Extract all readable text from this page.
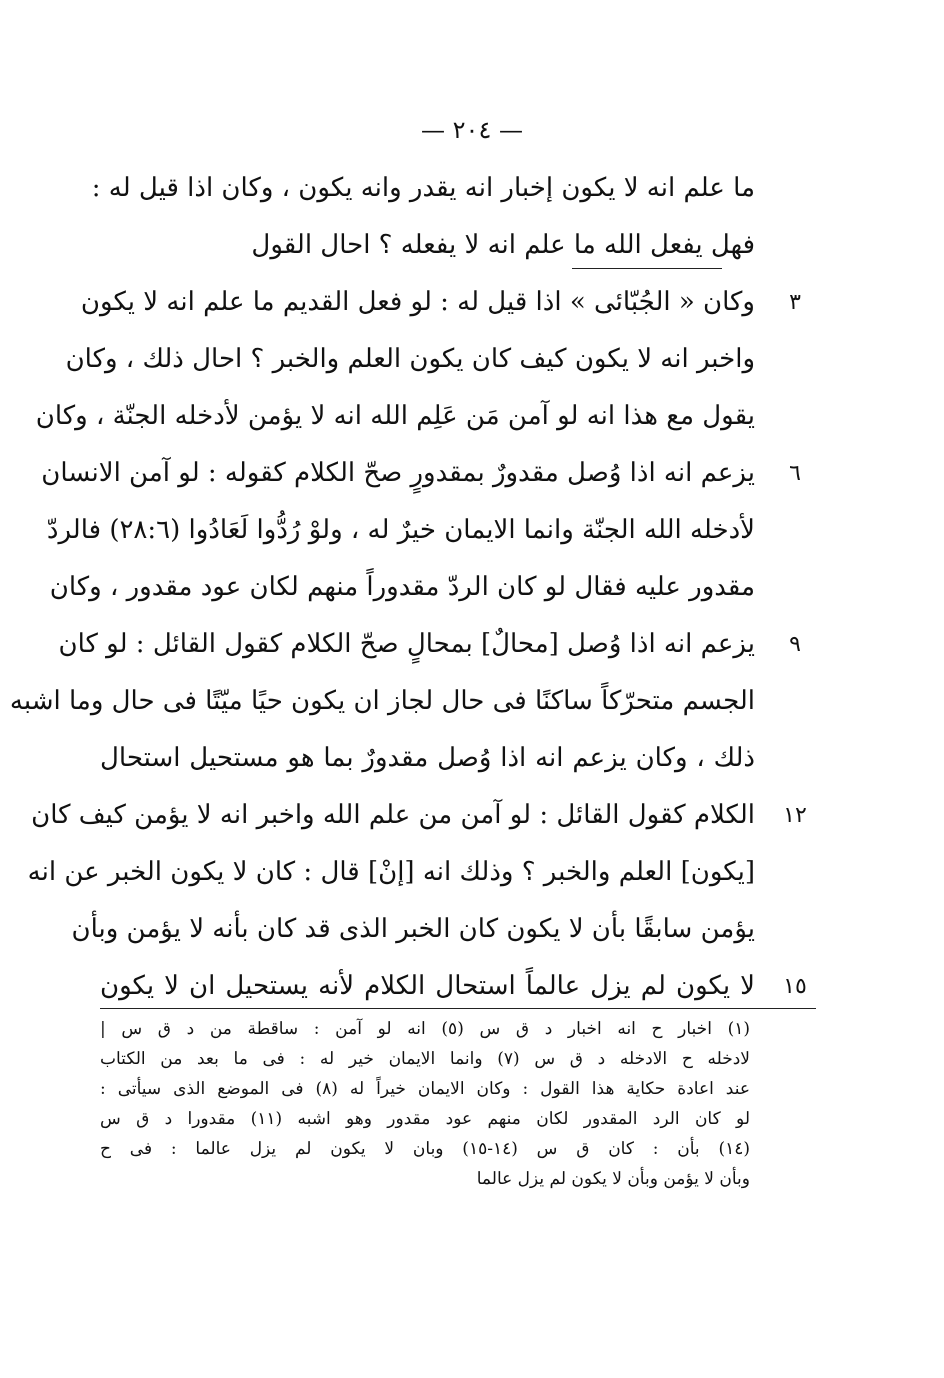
— ٢٠٤ —
ما علم انه لا يكون إخبار انه يقدر وانه يكون ، وكان اذا قيل له :
فهل يفعل الله ما علم انه لا يفعله ؟ احال القول
وكان « الجُبّائى » اذا قيل له : لو فعل القديم ما علم انه لا يكون
واخبر انه لا يكون كيف كان يكون العلم والخبر ؟ احال ذلك ، وكان
يقول مع هذا انه لو آمن مَن عَلِم الله انه لا يؤمن لأدخله الجنّة ، وكان
يزعم انه اذا وُصل مقدورٌ بمقدورٍ صحّ الكلام كقوله : لو آمن الانسان
لأدخله الله الجنّة وانما الايمان خيرٌ له ، ولوْ رُدُّوا لَعَادُوا (٢٨:٦) فالردّ
مقدور عليه فقال لو كان الردّ مقدوراً منهم لكان عود مقدور ، وكان
يزعم انه اذا وُصل [محالٌ] بمحالٍ صحّ الكلام كقول القائل : لو كان
الجسم متحرّكاً ساكنًا فى حال لجاز ان يكون حيًا ميّتًا فى حال وما اشبه
ذلك ، وكان يزعم انه اذا وُصل مقدورٌ بما هو مستحيل استحال
الكلام كقول القائل : لو آمن من علم الله واخبر انه لا يؤمن كيف كان
[يكون] العلم والخبر ؟ وذلك انه [إنْ] قال : كان لا يكون الخبر عن انه
يؤمن سابقًا بأن لا يكون كان الخبر الذى قد كان بأنه لا يؤمن وبأن
لا يكون لم يزل عالماً استحال الكلام لأنه يستحيل ان لا يكون
٣
٦
٩
١٢
١٥
(١) اخبار ح انه اخبار د ق س (٥) انه لو آمن : ساقطة من د ق س |
لادخله ح الادخله د ق س (٧) وانما الايمان خير له : فى ما بعد من الكتاب
عند اعادة حكاية هذا القول : وكان الايمان خيراً له (٨) فى الموضع الذى سيأتى :
لو كان الرد المقدور لكان منهم عود مقدور وهو اشبه (١١) مقدورا د ق س
(١٤) بأن : كان ق س (١٤-١٥) وبان لا يكون لم يزل عالما : فى ح
وبأن لا يؤمن وبأن لا يكون لم يزل عالما
